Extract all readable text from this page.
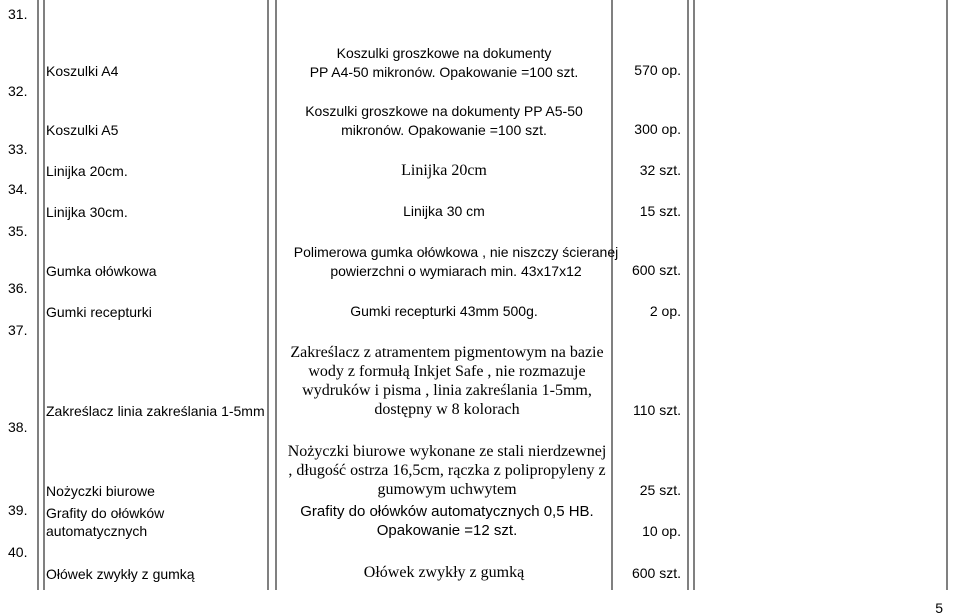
31.
32.
33.
34.
35.
36.
37.
38.
39.
40.
Koszulki A4
Koszulki A5
Linijka 20cm.
Linijka 30cm.
Gumka ołówkowa
Gumki recepturki
Zakreślacz linia zakreślania 1-5mm
Nożyczki biurowe
Grafity do ołówków automatycznych
Ołówek zwykły z gumką
Koszulki groszkowe na dokumenty
PP A4-50 mikronów. Opakowanie =100 szt.
Koszulki groszkowe na dokumenty PP A5-50
mikronów. Opakowanie =100 szt.
Linijka 20cm
Linijka 30 cm
Polimerowa gumka ołówkowa , nie niszczy ścieranej
powierzchni o wymiarach min. 43x17x12
Gumki recepturki 43mm 500g.
Zakreślacz z atramentem pigmentowym na bazie
wody z formułą Inkjet Safe , nie rozmazuje
wydruków i pisma , linia zakreślania 1-5mm,
dostępny w 8 kolorach
Nożyczki biurowe wykonane ze stali nierdzewnej
, długość ostrza 16,5cm, rączka z polipropyleny z
gumowym uchwytem
Grafity do ołówków automatycznych 0,5 HB.
Opakowanie =12 szt.
Ołówek zwykły z gumką
570 op.
300 op.
32 szt.
15 szt.
600 szt.
2 op.
110 szt.
25 szt.
10 op.
600 szt.
5
